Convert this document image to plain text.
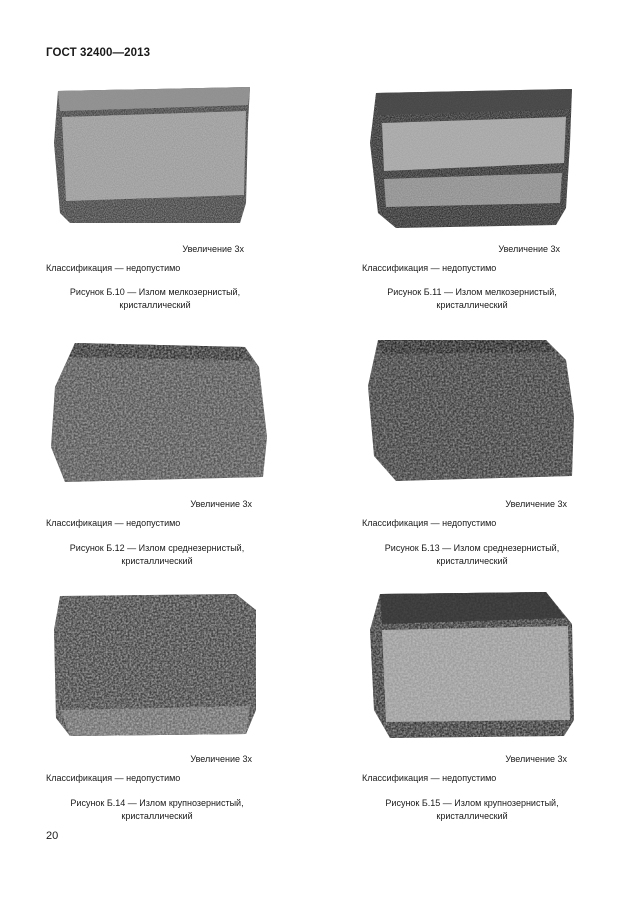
ГОСТ 32400—2013
Увеличение 3х
Классификация — недопустимо
Рисунок Б.10 — Излом мелкозернистый,
кристаллический
Увеличение 3х
Классификация — недопустимо
Рисунок Б.11 — Излом мелкозернистый,
кристаллический
Увеличение 3х
Классификация — недопустимо
Рисунок Б.12 — Излом среднезернистый,
кристаллический
Увеличение 3х
Классификация — недопустимо
Рисунок Б.13 — Излом среднезернистый,
кристаллический
Увеличение 3х
Классификация — недопустимо
Рисунок Б.14 — Излом крупнозернистый,
кристаллический
Увеличение 3х
Классификация — недопустимо
Рисунок Б.15 — Излом крупнозернистый,
кристаллический
20
